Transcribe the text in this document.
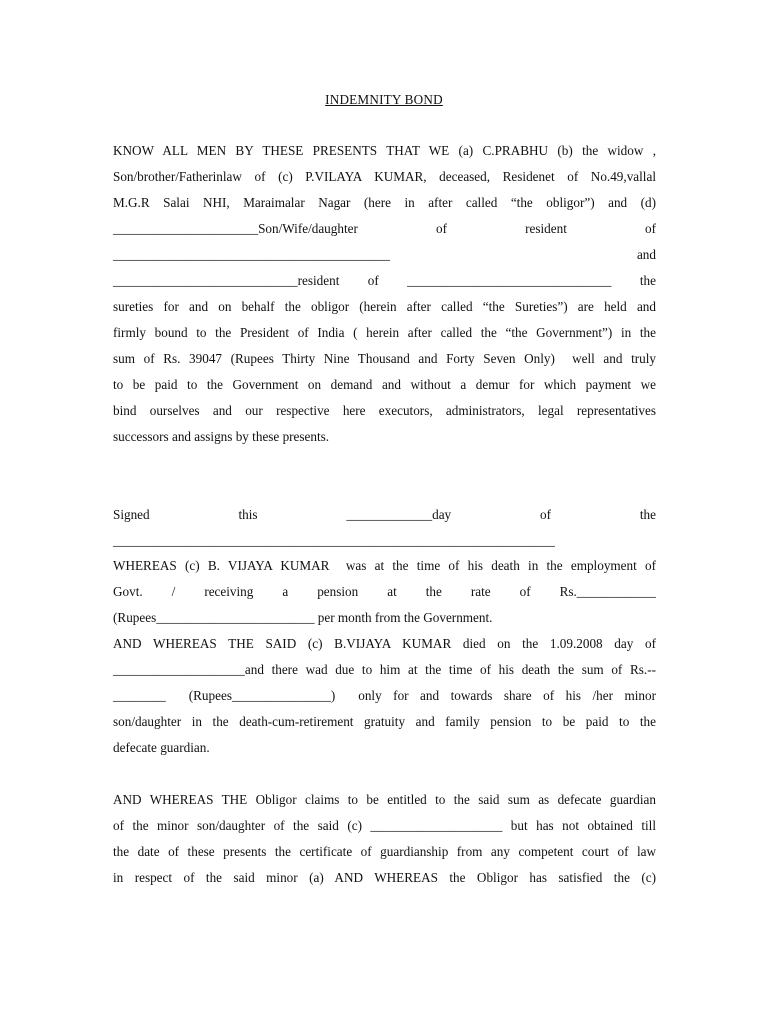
INDEMNITY BOND
KNOW ALL MEN BY THESE PRESENTS THAT WE (a) C.PRABHU (b) the widow ,
Son/brother/Fatherinlaw of (c) P.VILAYA KUMAR, deceased, Residenet of No.49,vallal
M.G.R Salai NHI, Maraimalar Nagar (here in after called “the obligor”) and (d)
______________________Son/Wife/daughter	of	resident	of
__________________________________________	and
____________________________resident of _______________________________ the
sureties for and on behalf the obligor (herein after called “the Sureties”) are held and
firmly bound to the President of India ( herein after called the “the Government”) in the
sum of Rs. 39047 (Rupees Thirty Nine Thousand and Forty Seven Only)  well and truly
to be paid to the Government on demand and without a demur for which payment we
bind ourselves and our respective here executors, administrators, legal representatives
successors and assigns by these presents.
Signed	this	_____________day	of	the
___________________________________________________________________
WHEREAS (c) B. VIJAYA KUMAR  was at the time of his death in the employment of
Govt. / receiving a pension at the rate of Rs.____________
(Rupees________________________ per month from the Government.
AND WHEREAS THE SAID (c) B.VIJAYA KUMAR died on the 1.09.2008 day of
____________________and there wad due to him at the time of his death the sum of Rs.--
________  (Rupees_______________)  only for and towards share of his /her minor
son/daughter in the death-cum-retirement gratuity and family pension to be paid to the
defecate guardian.
AND WHEREAS THE Obligor claims to be entitled to the said sum as defecate guardian
of the minor son/daughter of the said (c) ____________________ but has not obtained till
the date of these presents the certificate of guardianship from any competent court of law
in respect of the said minor (a) AND WHEREAS the Obligor has satisfied the (c)
